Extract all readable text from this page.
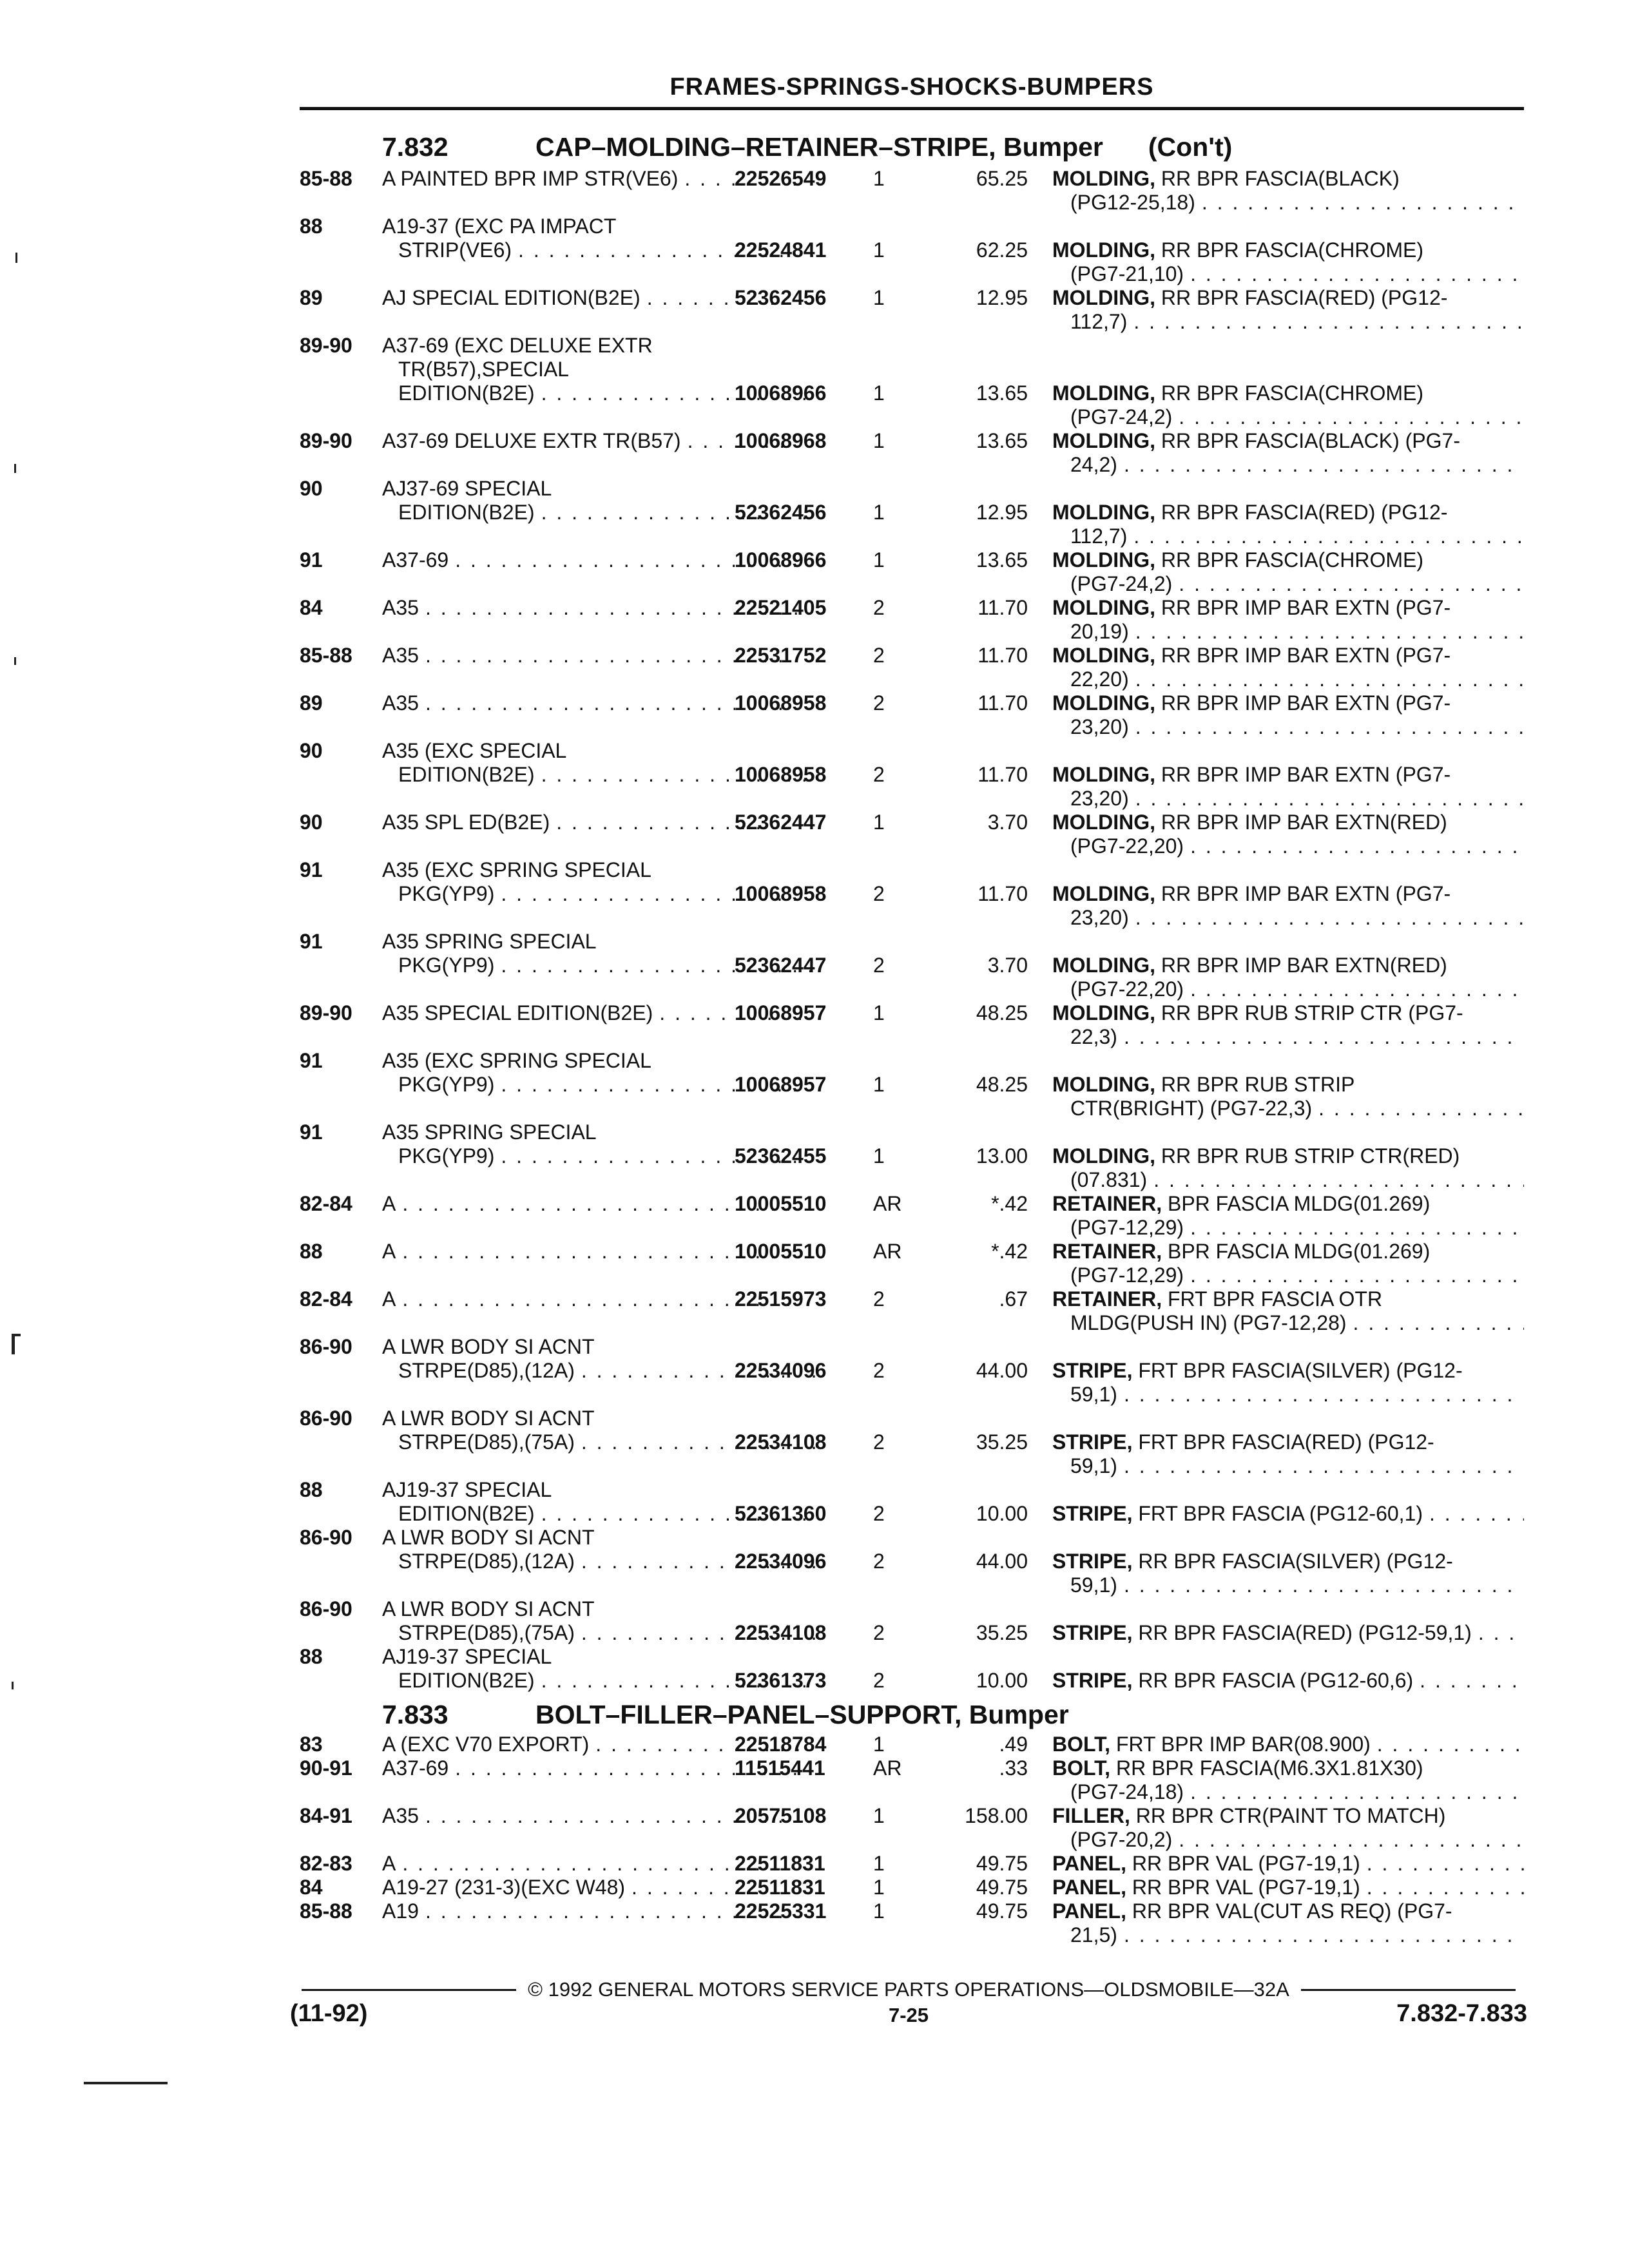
FRAMES-SPRINGS-SHOCKS-BUMPERS
7.832	CAP–MOLDING–RETAINER–STRIPE, Bumper (Con't)
85-88	A PAINTED BPR IMP STR(VE6) . . .	22526549 1	65.25 MOLDING,
RR BPR FASCIA(BLACK)
(PG12-25,18)
. . .
88	A19-37 (EXC PA IMPACT
STRIP(VE6) . . .	22524841 1	62.25 MOLDING,
RR BPR FASCIA(CHROME)
(PG7-21,10)
. . .
89	AJ SPECIAL EDITION(B2E) . . .	52362456 1	12.95 MOLDING,
RR BPR FASCIA(RED) (PG12-
112,7)
. . .
89-90	A37-69 (EXC DELUXE EXTR
TR(B57),SPECIAL
EDITION(B2E) . . .	10068966 1	13.65 MOLDING,
RR BPR FASCIA(CHROME)
(PG7-24,2)
. . .
89-90	A37-69 DELUXE EXTR TR(B57) . . .	10068968 1	13.65 MOLDING,
RR BPR FASCIA(BLACK) (PG7-
24,2)
. . .
90	AJ37-69 SPECIAL
EDITION(B2E) . . .	52362456 1	12.95 MOLDING,
RR BPR FASCIA(RED) (PG12-
112,7)
. . .
91	A37-69 . . .	10068966 1	13.65 MOLDING,
RR BPR FASCIA(CHROME)
(PG7-24,2)
. . .
84	A35 . . .	22521405 2	11.70 MOLDING,
RR BPR IMP BAR EXTN (PG7-
20,19)
. . .
85-88	A35 . . .	22531752 2	11.70 MOLDING,
RR BPR IMP BAR EXTN (PG7-
22,20)
. . .
89	A35 . . .	10068958 2	11.70 MOLDING,
RR BPR IMP BAR EXTN (PG7-
23,20)
. . .
90	A35 (EXC SPECIAL
EDITION(B2E) . . .	10068958 2	11.70 MOLDING,
RR BPR IMP BAR EXTN (PG7-
23,20)
. . .
90	A35 SPL ED(B2E) . . .	52362447 1	3.70 MOLDING,
RR BPR IMP BAR EXTN(RED)
(PG7-22,20)
. . .
91	A35 (EXC SPRING SPECIAL
PKG(YP9) . . .	10068958 2	11.70 MOLDING,
RR BPR IMP BAR EXTN (PG7-
23,20)
. . .
91	A35 SPRING SPECIAL
PKG(YP9) . . .	52362447 2	3.70 MOLDING,
RR BPR IMP BAR EXTN(RED)
(PG7-22,20)
. . .
89-90	A35 SPECIAL EDITION(B2E) . . .	10068957 1	48.25 MOLDING,
RR BPR RUB STRIP CTR (PG7-
22,3)
. . .
91	A35 (EXC SPRING SPECIAL
PKG(YP9) . . .	10068957 1	48.25 MOLDING,
RR BPR RUB STRIP
CTR(BRIGHT) (PG7-22,3)
. . .
91	A35 SPRING SPECIAL
PKG(YP9) . . .	52362455 1	13.00 MOLDING,
RR BPR RUB STRIP CTR(RED)
(07.831)
. . .
82-84	A . . .	10005510 AR	*.42 RETAINER,
BPR FASCIA MLDG(01.269)
(PG7-12,29)
. . .
88	A . . .	10005510 AR	*.42 RETAINER,
BPR FASCIA MLDG(01.269)
(PG7-12,29)
. . .
82-84	A . . .	22515973 2	.67 RETAINER,
FRT BPR FASCIA OTR
MLDG(PUSH IN) (PG7-12,28)
. . .
86-90	A LWR BODY SI ACNT
STRPE(D85),(12A) . . .	22534096 2	44.00 STRIPE,
FRT BPR FASCIA(SILVER) (PG12-
59,1)
. . .
86-90	A LWR BODY SI ACNT
STRPE(D85),(75A) . . .	22534108 2	35.25 STRIPE,
FRT BPR FASCIA(RED) (PG12-
59,1)
. . .
88	AJ19-37 SPECIAL
EDITION(B2E) . . .	52361360 2	10.00 STRIPE,
FRT BPR FASCIA (PG12-60,1)
. . .
86-90	A LWR BODY SI ACNT
STRPE(D85),(12A) . . .	22534096 2	44.00 STRIPE,
RR BPR FASCIA(SILVER) (PG12-
59,1)
. . .
86-90	A LWR BODY SI ACNT
STRPE(D85),(75A) . . .	22534108 2	35.25 STRIPE,
RR BPR FASCIA(RED) (PG12-59,1)
. . .
88	AJ19-37 SPECIAL
EDITION(B2E) . . .	52361373 2	10.00 STRIPE,
RR BPR FASCIA (PG12-60,6)
. . .
7.833	BOLT–FILLER–PANEL–SUPPORT, Bumper
83	A (EXC V70 EXPORT) . . .	22518784 1	.49 BOLT,
FRT BPR IMP BAR(08.900)
. . .
90-91	A37-69 . . .	11515441 AR	.33 BOLT,
RR BPR FASCIA(M6.3X1.81X30)
(PG7-24,18)
. . .
84-91	A35 . . .	20575108 1	158.00 FILLER,
RR BPR CTR(PAINT TO MATCH)
(PG7-20,2)
. . .
82-83	A . . .	22511831 1	49.75 PANEL,
RR BPR VAL (PG7-19,1)
. . .
84	A19-27 (231-3)(EXC W48) . . .	22511831 1	49.75 PANEL,
RR BPR VAL (PG7-19,1)
. . .
85-88	A19 . . .	22525331 1	49.75 PANEL,
RR BPR VAL(CUT AS REQ) (PG7-
21,5)
. . .
© 1992 GENERAL MOTORS SERVICE PARTS OPERATIONS—OLDSMOBILE—32A
(11-92)	7-25	7.832-7.833
